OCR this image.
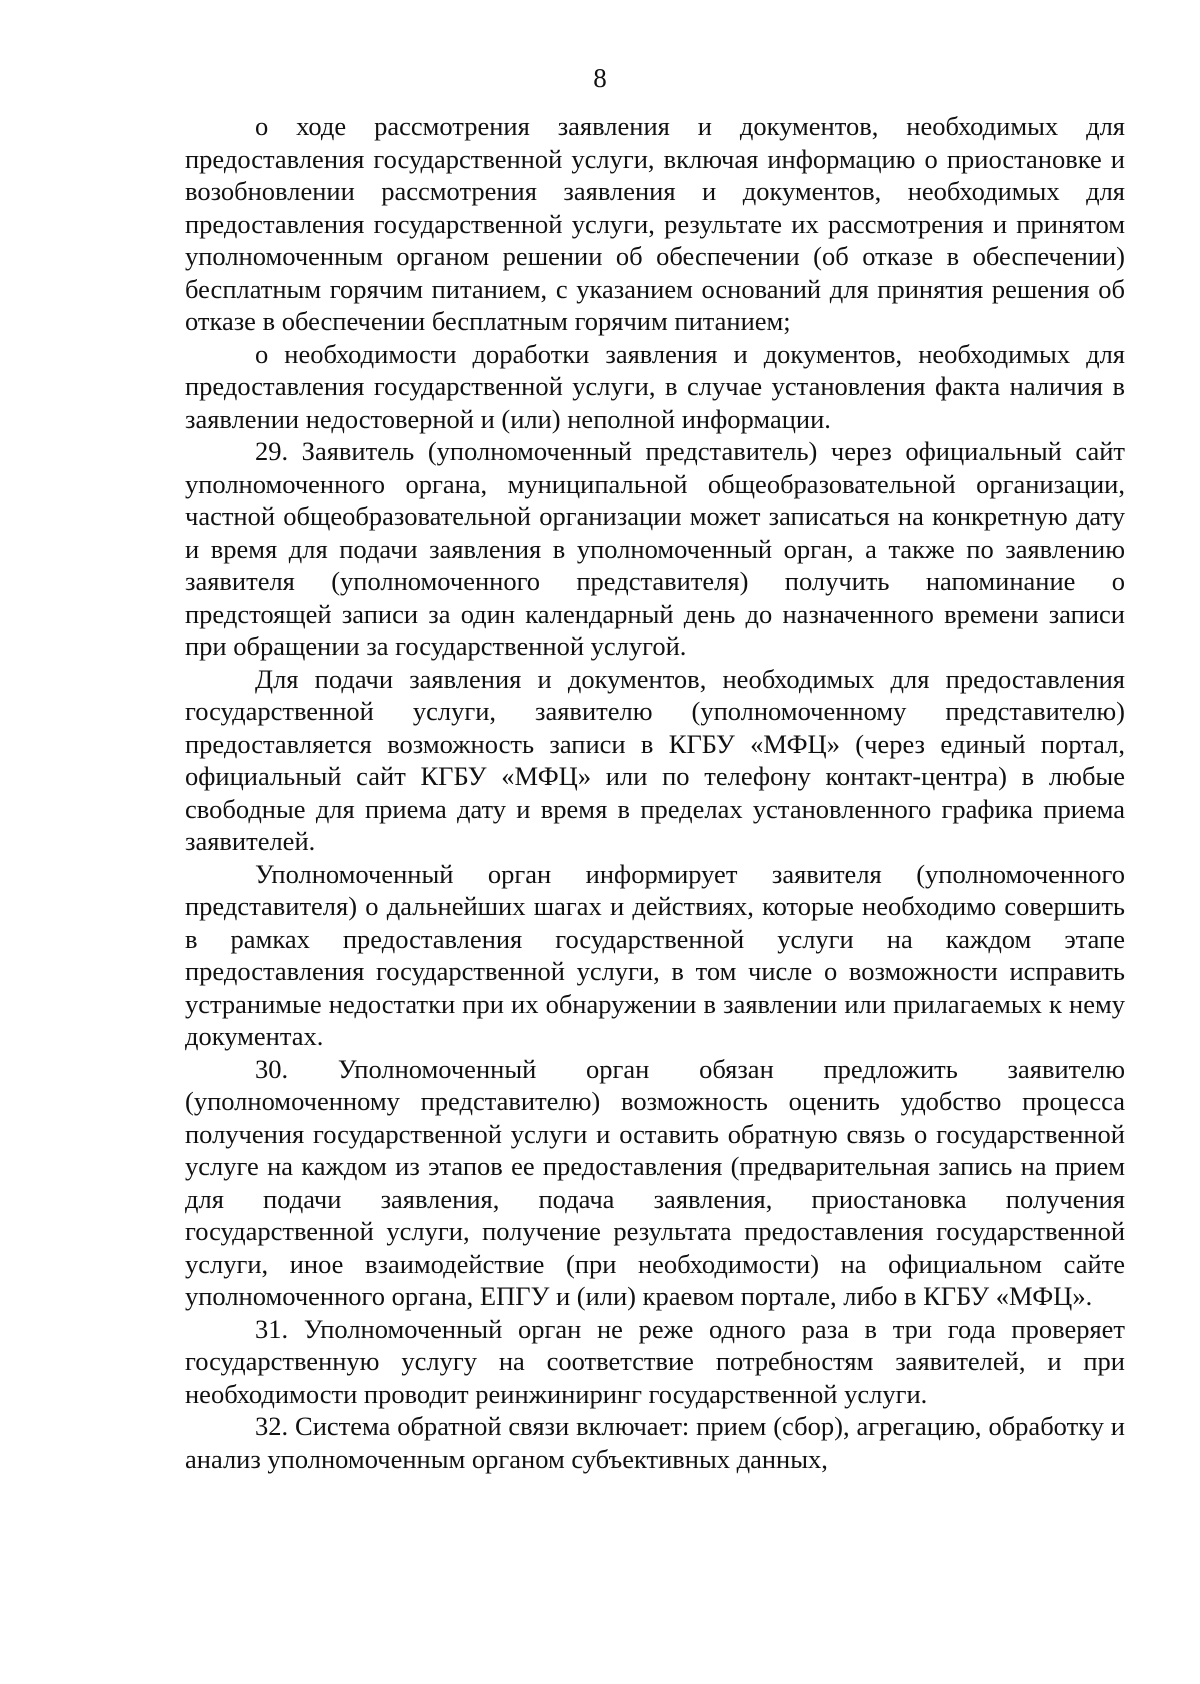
8

о ходе рассмотрения заявления и документов, необходимых для предоставления государственной услуги, включая информацию о приостановке и возобновлении рассмотрения заявления и документов, необходимых для предоставления государственной услуги, результате их рассмотрения и принятом уполномоченным органом решении об обеспечении (об отказе в обеспечении) бесплатным горячим питанием, с указанием оснований для принятия решения об отказе в обеспечении бесплатным горячим питанием;

о необходимости доработки заявления и документов, необходимых для предоставления государственной услуги, в случае установления факта наличия в заявлении недостоверной и (или) неполной информации.

29. Заявитель (уполномоченный представитель) через официальный сайт уполномоченного органа, муниципальной общеобразовательной организации, частной общеобразовательной организации может записаться на конкретную дату и время для подачи заявления в уполномоченный орган, а также по заявлению заявителя (уполномоченного представителя) получить напоминание о предстоящей записи за один календарный день до назначенного времени записи при обращении за государственной услугой.

Для подачи заявления и документов, необходимых для предоставления государственной услуги, заявителю (уполномоченному представителю) предоставляется возможность записи в КГБУ «МФЦ» (через единый портал, официальный сайт КГБУ «МФЦ» или по телефону контакт-центра) в любые свободные для приема дату и время в пределах установленного графика приема заявителей.

Уполномоченный орган информирует заявителя (уполномоченного представителя) о дальнейших шагах и действиях, которые необходимо совершить в рамках предоставления государственной услуги на каждом этапе предоставления государственной услуги, в том числе о возможности исправить устранимые недостатки при их обнаружении в заявлении или прилагаемых к нему документах.

30. Уполномоченный орган обязан предложить заявителю (уполномоченному представителю) возможность оценить удобство процесса получения государственной услуги и оставить обратную связь о государственной услуге на каждом из этапов ее предоставления (предварительная запись на прием для подачи заявления, подача заявления, приостановка получения государственной услуги, получение результата предоставления государственной услуги, иное взаимодействие (при необходимости) на официальном сайте уполномоченного органа, ЕПГУ и (или) краевом портале, либо в КГБУ «МФЦ».

31. Уполномоченный орган не реже одного раза в три года проверяет государственную услугу на соответствие потребностям заявителей, и при необходимости проводит реинжиниринг государственной услуги.

32. Система обратной связи включает: прием (сбор), агрегацию, обработку и анализ уполномоченным органом субъективных данных,
